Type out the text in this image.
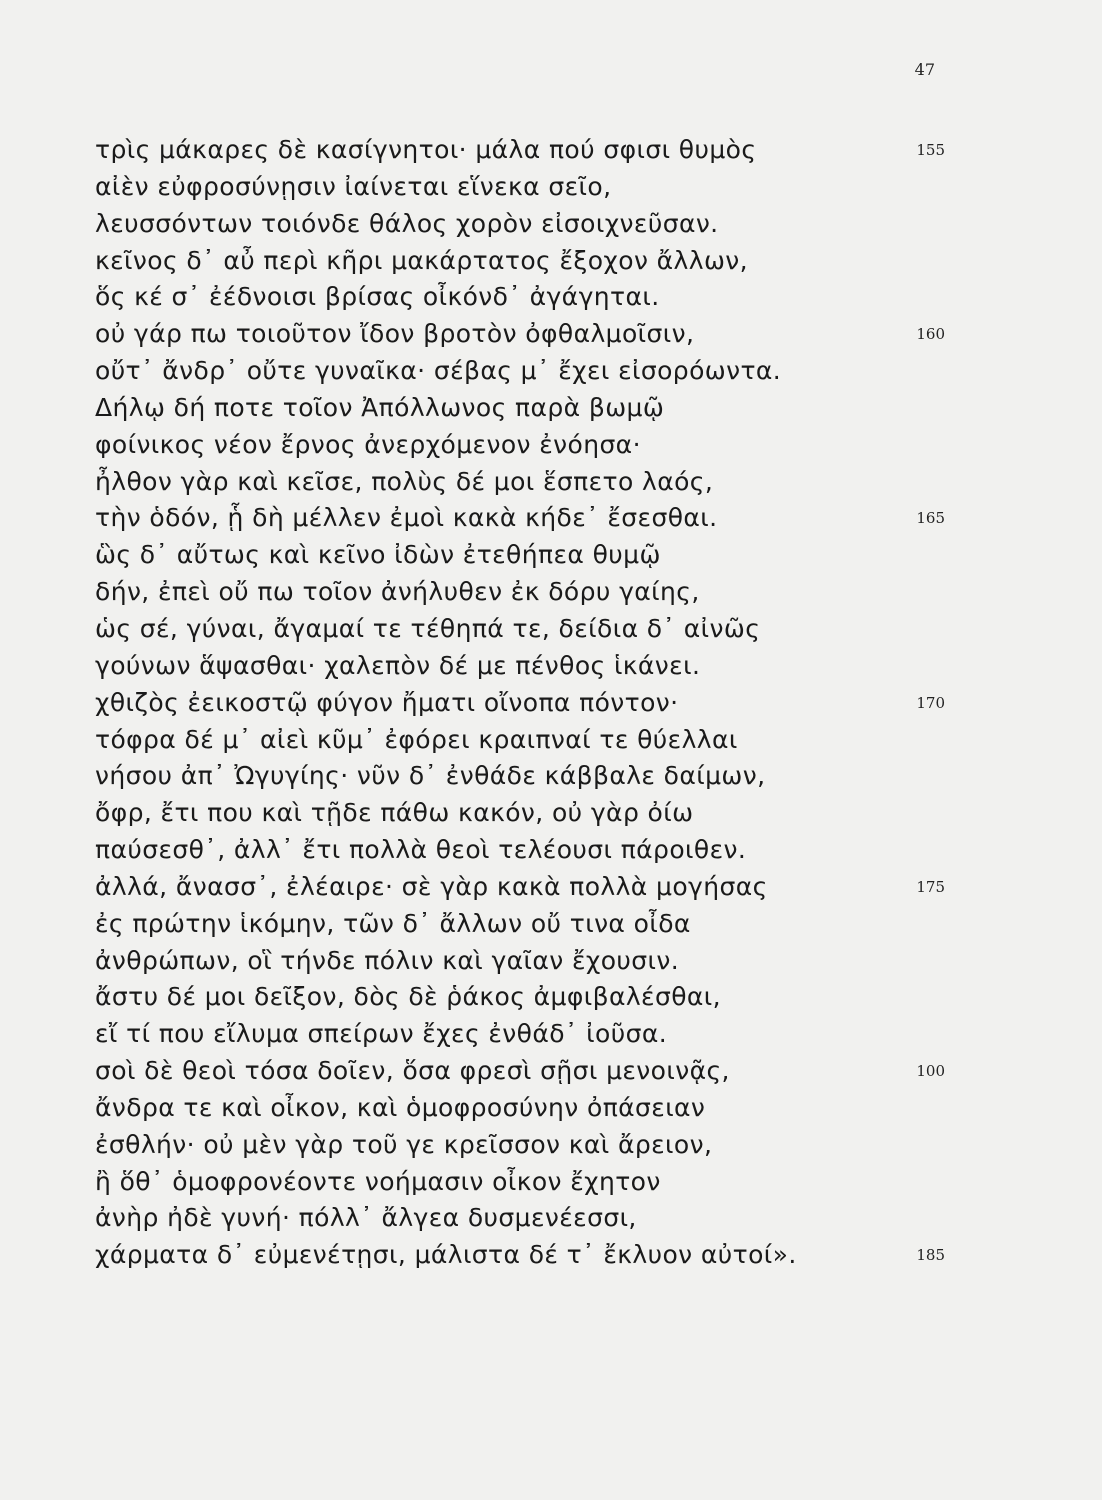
47
τρὶς μάκαρες δὲ κασίγνητοι· μάλα πού σφισι θυμὸς	155
αἰὲν εὐφροσύνῃσιν ἰαίνεται εἵνεκα σεῖο,
λευσσόντων τοιόνδε θάλος χορὸν εἰσοιχνεῦσαν.
κεῖνος δ᾽ αὖ περὶ κῆρι μακάρτατος ἔξοχον ἄλλων,
ὅς κέ σ᾽ ἐέδνοισι βρίσας οἶκόνδ᾽ ἀγάγηται.
οὐ γάρ πω τοιοῦτον ἴδον βροτὸν ὀφθαλμοῖσιν,	160
οὔτ᾽ ἄνδρ᾽ οὔτε γυναῖκα· σέβας μ᾽ ἔχει εἰσορόωντα.
Δήλῳ δή ποτε τοῖον Ἀπόλλωνος παρὰ βωμῷ
φοίνικος νέον ἔρνος ἀνερχόμενον ἐνόησα·
ἦλθον γὰρ καὶ κεῖσε, πολὺς δέ μοι ἕσπετο λαός,
τὴν ὁδόν, ᾗ δὴ μέλλεν ἐμοὶ κακὰ κήδε᾽ ἔσεσθαι.	165
ὣς δ᾽ αὔτως καὶ κεῖνο ἰδὼν ἐτεθήπεα θυμῷ
δήν, ἐπεὶ οὔ πω τοῖον ἀνήλυθεν ἐκ δόρυ γαίης,
ὡς σέ, γύναι, ἄγαμαί τε τέθηπά τε, δείδια δ᾽ αἰνῶς
γούνων ἅψασθαι· χαλεπὸν δέ με πένθος ἱκάνει.
χθιζὸς ἐεικοστῷ φύγον ἤματι οἴνοπα πόντον·	170
τόφρα δέ μ᾽ αἰεὶ κῦμ᾽ ἐφόρει κραιπναί τε θύελλαι
νήσου ἀπ᾽ Ὠγυγίης· νῦν δ᾽ ἐνθάδε κάββαλε δαίμων,
ὄφρ, ἔτι που καὶ τῇδε πάθω κακόν, οὐ γὰρ ὀίω
παύσεσθ᾽, ἀλλ᾽ ἔτι πολλὰ θεοὶ τελέουσι πάροιθεν.
ἀλλά, ἄνασσ᾽, ἐλέαιρε· σὲ γὰρ κακὰ πολλὰ μογήσας	175
ἐς πρώτην ἱκόμην, τῶν δ᾽ ἄλλων οὔ τινα οἶδα
ἀνθρώπων, οἳ τήνδε πόλιν καὶ γαῖαν ἔχουσιν.
ἄστυ δέ μοι δεῖξον, δὸς δὲ ῥάκος ἀμφιβαλέσθαι,
εἴ τί που εἴλυμα σπείρων ἔχες ἐνθάδ᾽ ἰοῦσα.
σοὶ δὲ θεοὶ τόσα δοῖεν, ὅσα φρεσὶ σῇσι μενοινᾷς,	100
ἄνδρα τε καὶ οἶκον, καὶ ὁμοφροσύνην ὀπάσειαν
ἐσθλήν· οὐ μὲν γὰρ τοῦ γε κρεῖσσον καὶ ἄρειον,
ἢ ὅθ᾽ ὁμοφρονέοντε νοήμασιν οἶκον ἔχητον
ἀνὴρ ἠδὲ γυνή· πόλλ᾽ ἄλγεα δυσμενέεσσι,
χάρματα δ᾽ εὐμενέτῃσι, μάλιστα δέ τ᾽ ἔκλυον αὐτοί».	185
